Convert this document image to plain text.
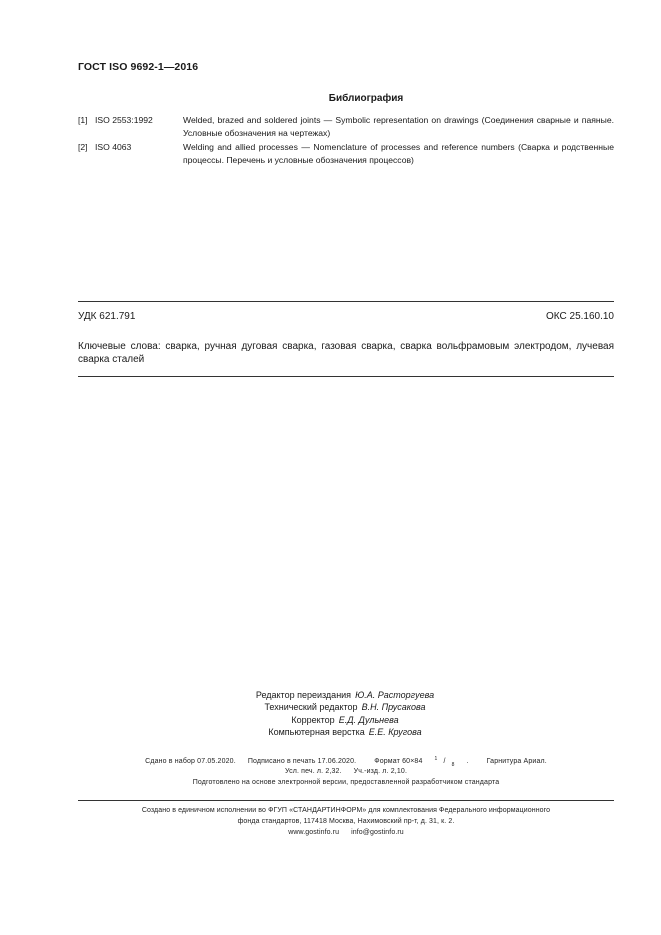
ГОСТ ISO 9692-1—2016
Библиография
[1] ISO 2553:1992	Welded, brazed and soldered joints — Symbolic representation on drawings (Соединения сварные и паяные. Условные обозначения на чертежах)
[2] ISO 4063	Welding and allied processes — Nomenclature of processes and reference numbers (Сварка и родственные процессы. Перечень и условные обозначения процессов)
УДК 621.791	ОКС 25.160.10
Ключевые слова: сварка, ручная дуговая сварка, газовая сварка, сварка вольфрамовым электродом, лучевая сварка сталей
Редактор переиздания Ю.А. Расторгуева
Технический редактор В.Н. Прусакова
Корректор Е.Д. Дульнева
Компьютерная верстка Е.Е. Кругова
Сдано в набор 07.05.2020. Подписано в печать 17.06.2020.	Формат 60×84 $^1$ / $_8$ .	Гарнитура Ариал.
Усл. печ. л. 2,32. Уч.-изд. л. 2,10.
Подготовлено на основе электронной версии, предоставленной разработчиком стандарта
Создано в единичном исполнении во ФГУП «СТАНДАРТИНФОРМ» для комплектования Федерального информационного
фонда стандартов, 117418 Москва, Нахимовский пр-т, д. 31, к. 2.
www.gostinfo.ru info@gostinfo.ru
